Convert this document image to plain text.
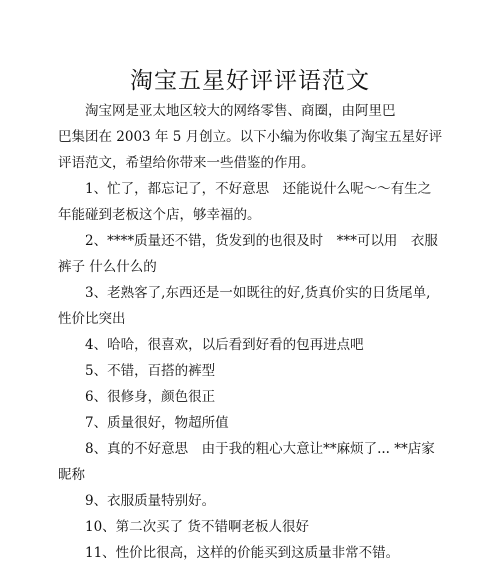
淘宝五星好评评语范文

淘宝网是亚太地区较大的网络零售、商圈，由阿里巴
巴集团在 2003 年 5 月创立。以下小编为你收集了淘宝五星好评
评语范文，希望给你带来一些借鉴的作用。

1、忙了，都忘记了，不好意思　还能说什么呢～～有生之
年能碰到老板这个店，够幸福的。

2、****质量还不错，货发到的也很及时　***可以用　衣服
裤子 什么什么的

3、老熟客了,东西还是一如既往的好,货真价实的日货尾单,
性价比突出

4、哈哈，很喜欢，以后看到好看的包再进点吧

5、不错，百搭的裤型

6、很修身，颜色很正

7、质量很好，物超所值

8、真的不好意思　由于我的粗心大意让**麻烦了... **店家
昵称

9、衣服质量特别好。

10、第二次买了 货不错啊老板人很好

11、性价比很高，这样的价能买到这质量非常不错。
